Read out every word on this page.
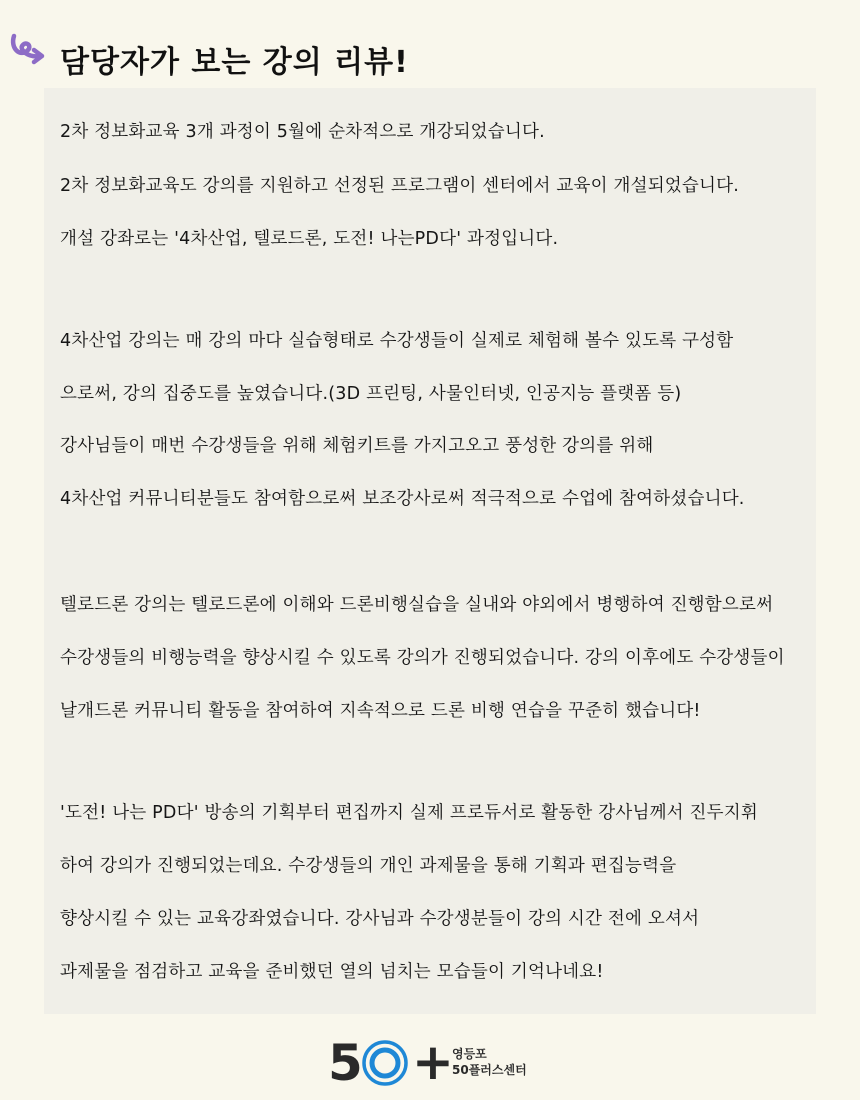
담당자가 보는 강의 리뷰!
2차 정보화교육 3개 과정이 5월에 순차적으로 개강되었습니다.
2차 정보화교육도 강의를 지원하고 선정된 프로그램이 센터에서 교육이 개설되었습니다.
개설 강좌로는 '4차산업, 텔로드론, 도전! 나는PD다' 과정입니다.
4차산업 강의는 매 강의 마다 실습형태로 수강생들이 실제로 체험해 볼수 있도록 구성함
으로써, 강의 집중도를 높였습니다.(3D 프린팅, 사물인터넷, 인공지능 플랫폼 등)
강사님들이 매번 수강생들을 위해 체험키트를 가지고오고 풍성한 강의를 위해
4차산업 커뮤니티분들도 참여함으로써 보조강사로써 적극적으로 수업에 참여하셨습니다.
텔로드론 강의는 텔로드론에 이해와 드론비행실습을 실내와 야외에서 병행하여 진행함으로써
수강생들의 비행능력을 향상시킬 수 있도록 강의가 진행되었습니다. 강의 이후에도 수강생들이
날개드론 커뮤니티 활동을 참여하여 지속적으로 드론 비행 연습을 꾸준히 했습니다!
'도전! 나는 PD다' 방송의 기획부터 편집까지 실제 프로듀서로 활동한 강사님께서 진두지휘
하여 강의가 진행되었는데요. 수강생들의 개인 과제물을 통해 기획과 편집능력을
향상시킬 수 있는 교육강좌였습니다. 강사님과 수강생분들이 강의 시간 전에 오셔서
과제물을 점검하고 교육을 준비했던 열의 넘치는 모습들이 기억나네요!
5 +
영등포
50플러스센터
